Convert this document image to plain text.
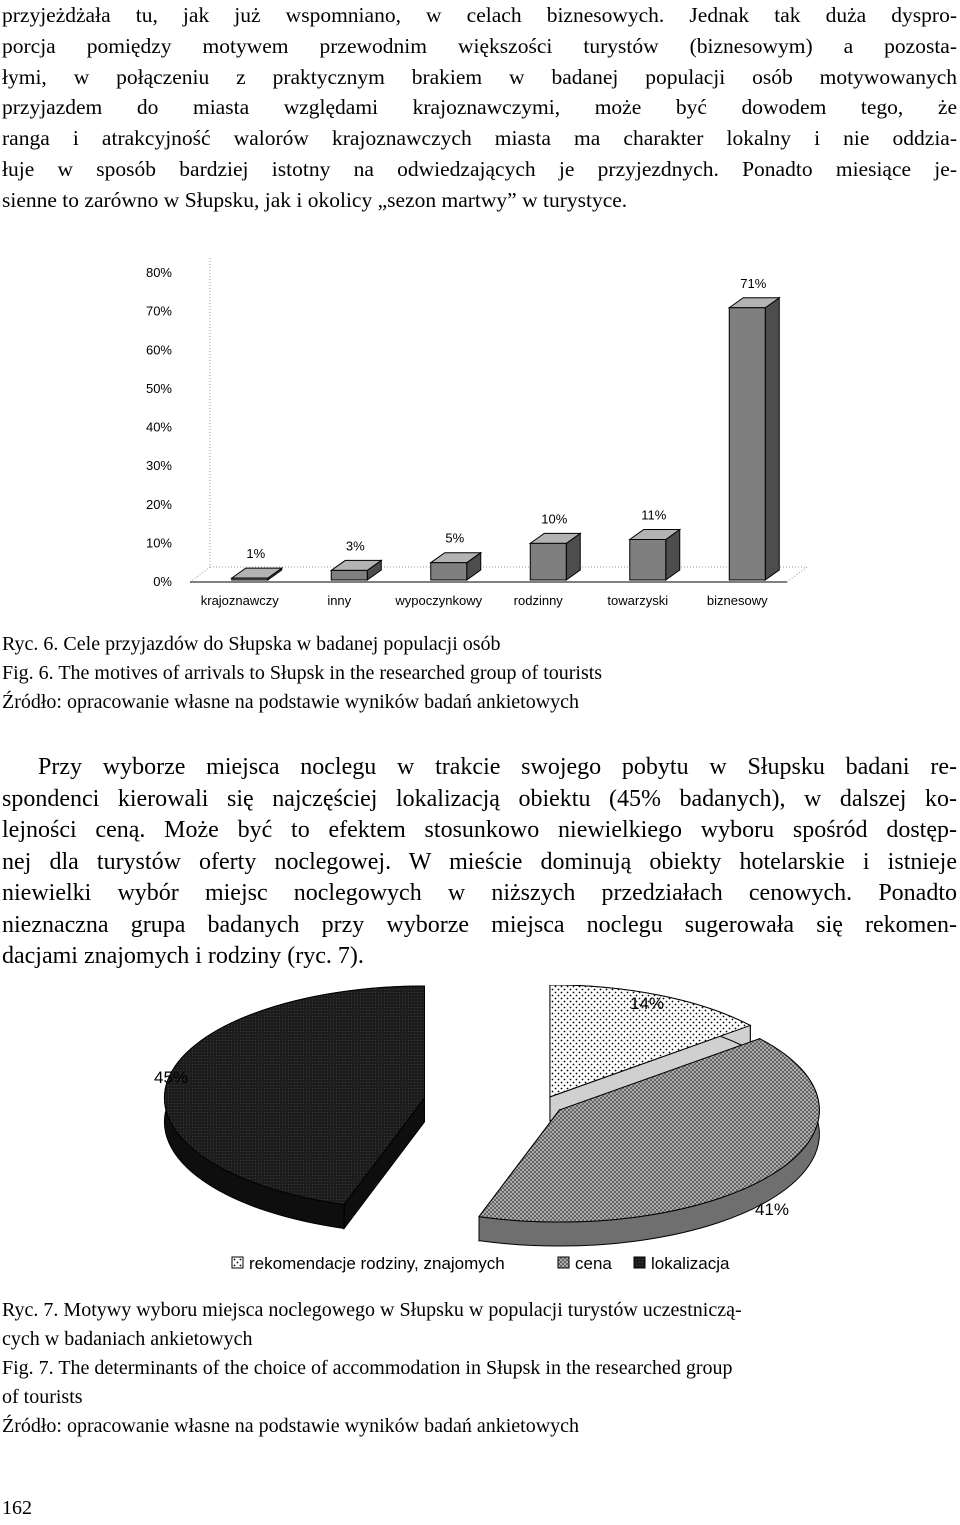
przyjeżdżała tu, jak już wspomniano, w celach biznesowych. Jednak tak duża dyspro-
porcja pomiędzy motywem przewodnim większości turystów (biznesowym) a pozosta-
łymi, w połączeniu z praktycznym brakiem w badanej populacji osób motywowanych
przyjazdem do miasta względami krajoznawczymi, może być dowodem tego, że
ranga i atrakcyjność walorów krajoznawczych miasta ma charakter lokalny i nie oddzia-
łuje w sposób bardziej istotny na odwiedzających je przyjezdnych. Ponadto miesiące je-
sienne to zarówno w Słupsku, jak i okolicy „sezon martwy” w turystyce.
0%
10%
20%
30%
40%
50%
60%
70%
80%
1%
krajoznawczy
3%
inny
5%
wypoczynkowy
10%
rodzinny
11%
towarzyski
71%
biznesowy
Ryc. 6. Cele przyjazdów do Słupska w badanej populacji osób
Fig. 6. The motives of arrivals to Słupsk in the researched group of tourists
Źródło: opracowanie własne na podstawie wyników badań ankietowych
Przy wyborze miejsca noclegu w trakcie swojego pobytu w Słupsku badani re-
spondenci kierowali się najczęściej lokalizacją obiektu (45% badanych), w dalszej ko-
lejności ceną. Może być to efektem stosunkowo niewielkiego wyboru spośród dostęp-
nej dla turystów oferty noclegowej. W mieście dominują obiekty hotelarskie i istnieje
niewielki wybór miejsc noclegowych w niższych przedziałach cenowych. Ponadto
nieznaczna grupa badanych przy wyborze miejsca noclegu sugerowała się rekomen-
dacjami znajomych i rodziny (ryc. 7).
14%
41%
45%
rekomendacje rodziny, znajomych	cena lokalizacja
Ryc. 7. Motywy wyboru miejsca noclegowego w Słupsku w populacji turystów uczestniczą-
cych w badaniach ankietowych
Fig. 7. The determinants of the choice of accommodation in Słupsk in the researched group
of tourists
Źródło: opracowanie własne na podstawie wyników badań ankietowych
162
